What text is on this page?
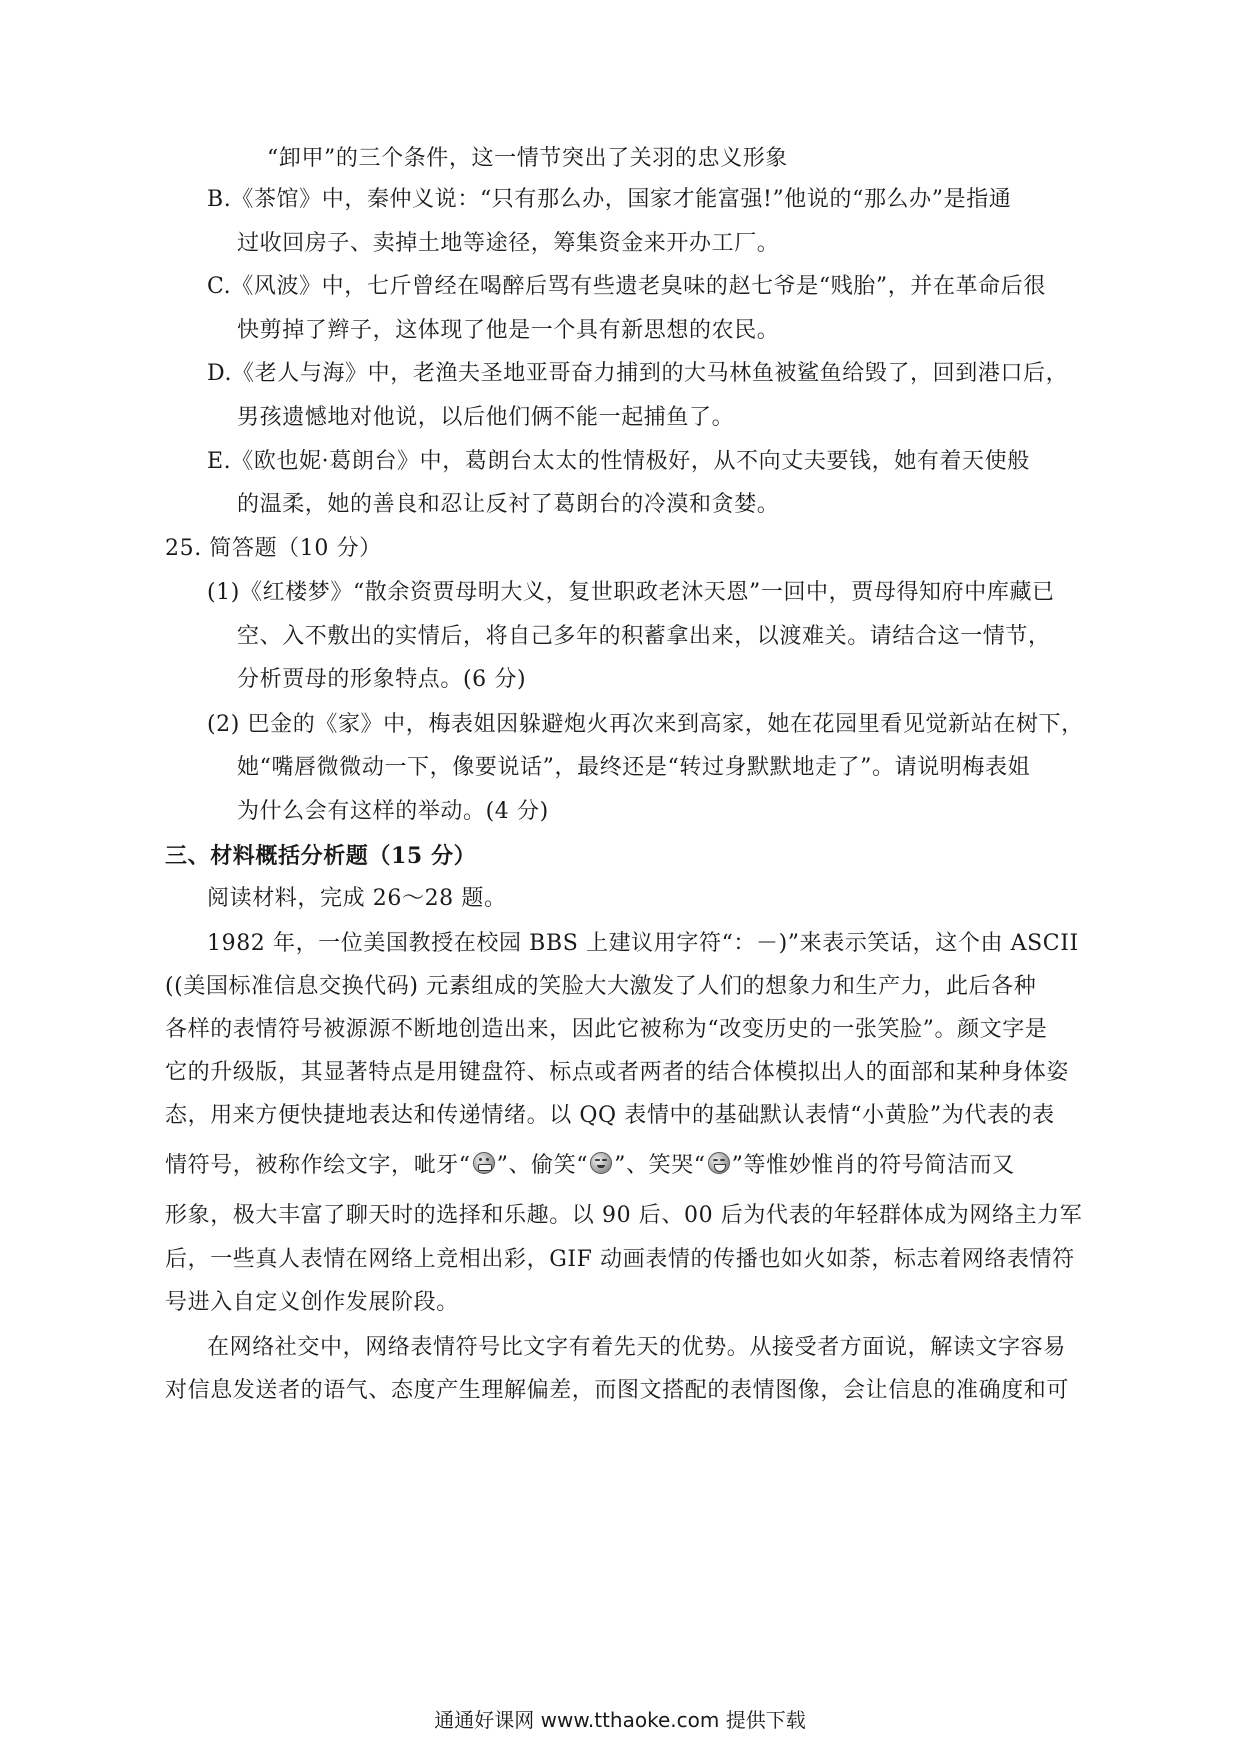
“卸甲”的三个条件，这一情节突出了关羽的忠义形象
B.《茶馆》中，秦仲义说：“只有那么办，国家才能富强!”他说的“那么办”是指通
过收回房子、卖掉土地等途径，筹集资金来开办工厂。
C.《风波》中，七斤曾经在喝醉后骂有些遗老臭味的赵七爷是“贱胎”，并在革命后很
快剪掉了辫子，这体现了他是一个具有新思想的农民。
D.《老人与海》中，老渔夫圣地亚哥奋力捕到的大马林鱼被鲨鱼给毁了，回到港口后，
男孩遗憾地对他说，以后他们俩不能一起捕鱼了。
E.《欧也妮·葛朗台》中，葛朗台太太的性情极好，从不向丈夫要钱，她有着天使般
的温柔，她的善良和忍让反衬了葛朗台的冷漠和贪婪。
25. 简答题（10 分）
(1)《红楼梦》“散余资贾母明大义，复世职政老沐天恩”一回中，贾母得知府中库藏已
空、入不敷出的实情后，将自己多年的积蓄拿出来，以渡难关。请结合这一情节，
分析贾母的形象特点。(6 分)
(2) 巴金的《家》中，梅表姐因躲避炮火再次来到高家，她在花园里看见觉新站在树下，
她“嘴唇微微动一下，像要说话”，最终还是“转过身默默地走了”。请说明梅表姐
为什么会有这样的举动。(4 分)
三、材料概括分析题（15 分）
阅读材料，完成 26～28 题。
1982 年，一位美国教授在校园 BBS 上建议用字符“：－)”来表示笑话，这个由 ASCII
((美国标准信息交换代码) 元素组成的笑脸大大激发了人们的想象力和生产力，此后各种
各样的表情符号被源源不断地创造出来，因此它被称为“改变历史的一张笑脸”。颜文字是
它的升级版，其显著特点是用键盘符、标点或者两者的结合体模拟出人的面部和某种身体姿
态，用来方便快捷地表达和传递情绪。以 QQ 表情中的基础默认表情“小黄脸”为代表的表
情符号，被称作绘文字，呲牙“ ”、偷笑“ ”、笑哭“ ”等惟妙惟肖的符号简洁而又
形象，极大丰富了聊天时的选择和乐趣。以 90 后、00 后为代表的年轻群体成为网络主力军
后，一些真人表情在网络上竞相出彩，GIF 动画表情的传播也如火如荼，标志着网络表情符
号进入自定义创作发展阶段。
在网络社交中，网络表情符号比文字有着先天的优势。从接受者方面说，解读文字容易
对信息发送者的语气、态度产生理解偏差，而图文搭配的表情图像，会让信息的准确度和可
通通好课网 www.tthaoke.com 提供下载
